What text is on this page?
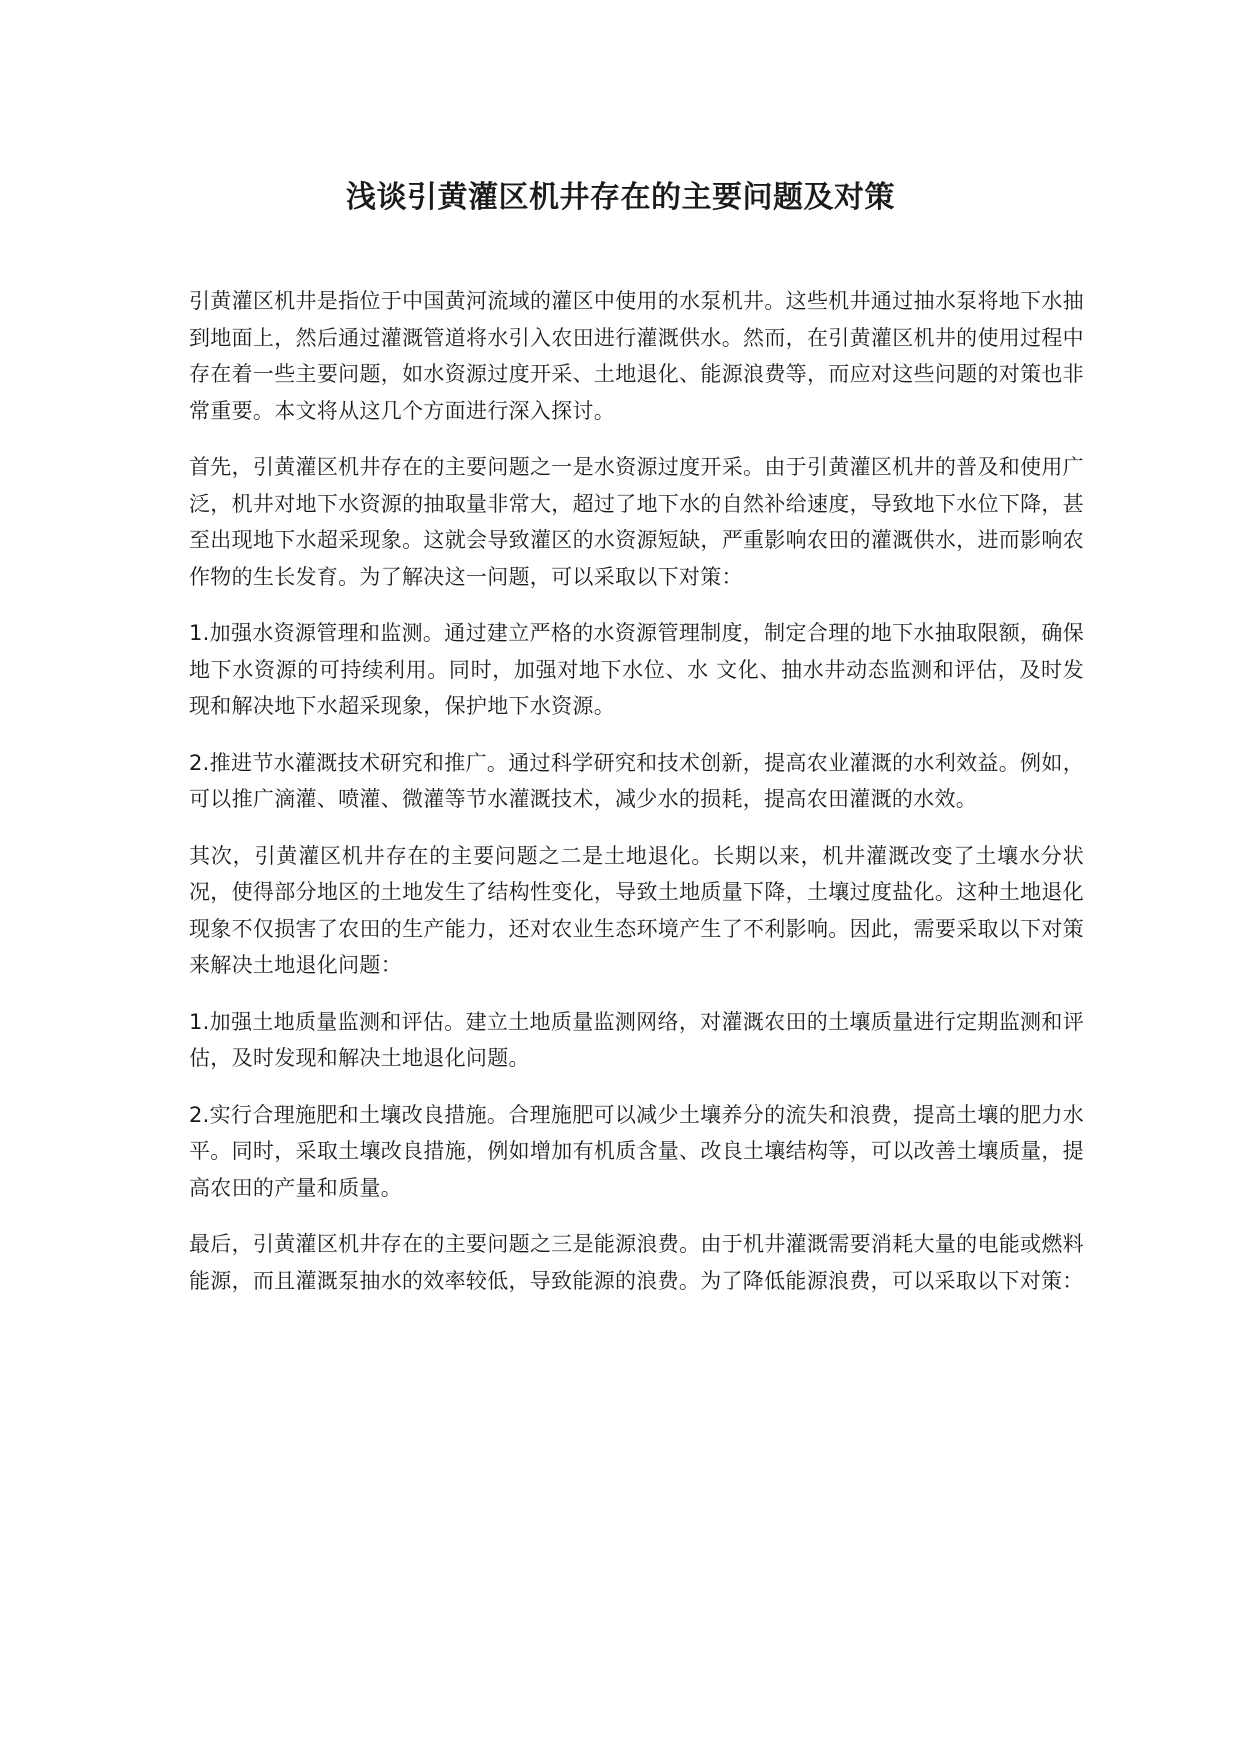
浅谈引黄灌区机井存在的主要问题及对策

引黄灌区机井是指位于中国黄河流域的灌区中使用的水泵机井。这些机井通过抽水泵将地下水抽到地面上，然后通过灌溉管道将水引入农田进行灌溉供水。然而，在引黄灌区机井的使用过程中存在着一些主要问题，如水资源过度开采、土地退化、能源浪费等，而应对这些问题的对策也非常重要。本文将从这几个方面进行深入探讨。

首先，引黄灌区机井存在的主要问题之一是水资源过度开采。由于引黄灌区机井的普及和使用广泛，机井对地下水资源的抽取量非常大，超过了地下水的自然补给速度，导致地下水位下降，甚至出现地下水超采现象。这就会导致灌区的水资源短缺，严重影响农田的灌溉供水，进而影响农作物的生长发育。为了解决这一问题，可以采取以下对策：

1.加强水资源管理和监测。通过建立严格的水资源管理制度，制定合理的地下水抽取限额，确保地下水资源的可持续利用。同时，加强对地下水位、水 文化、抽水井动态监测和评估，及时发现和解决地下水超采现象，保护地下水资源。

2.推进节水灌溉技术研究和推广。通过科学研究和技术创新，提高农业灌溉的水利效益。例如，可以推广滴灌、喷灌、微灌等节水灌溉技术，减少水的损耗，提高农田灌溉的水效。

其次，引黄灌区机井存在的主要问题之二是土地退化。长期以来，机井灌溉改变了土壤水分状况，使得部分地区的土地发生了结构性变化，导致土地质量下降，土壤过度盐化。这种土地退化现象不仅损害了农田的生产能力，还对农业生态环境产生了不利影响。因此，需要采取以下对策来解决土地退化问题：

1.加强土地质量监测和评估。建立土地质量监测网络，对灌溉农田的土壤质量进行定期监测和评估，及时发现和解决土地退化问题。

2.实行合理施肥和土壤改良措施。合理施肥可以减少土壤养分的流失和浪费，提高土壤的肥力水平。同时，采取土壤改良措施，例如增加有机质含量、改良土壤结构等，可以改善土壤质量，提高农田的产量和质量。

最后，引黄灌区机井存在的主要问题之三是能源浪费。由于机井灌溉需要消耗大量的电能或燃料能源，而且灌溉泵抽水的效率较低，导致能源的浪费。为了降低能源浪费，可以采取以下对策：
